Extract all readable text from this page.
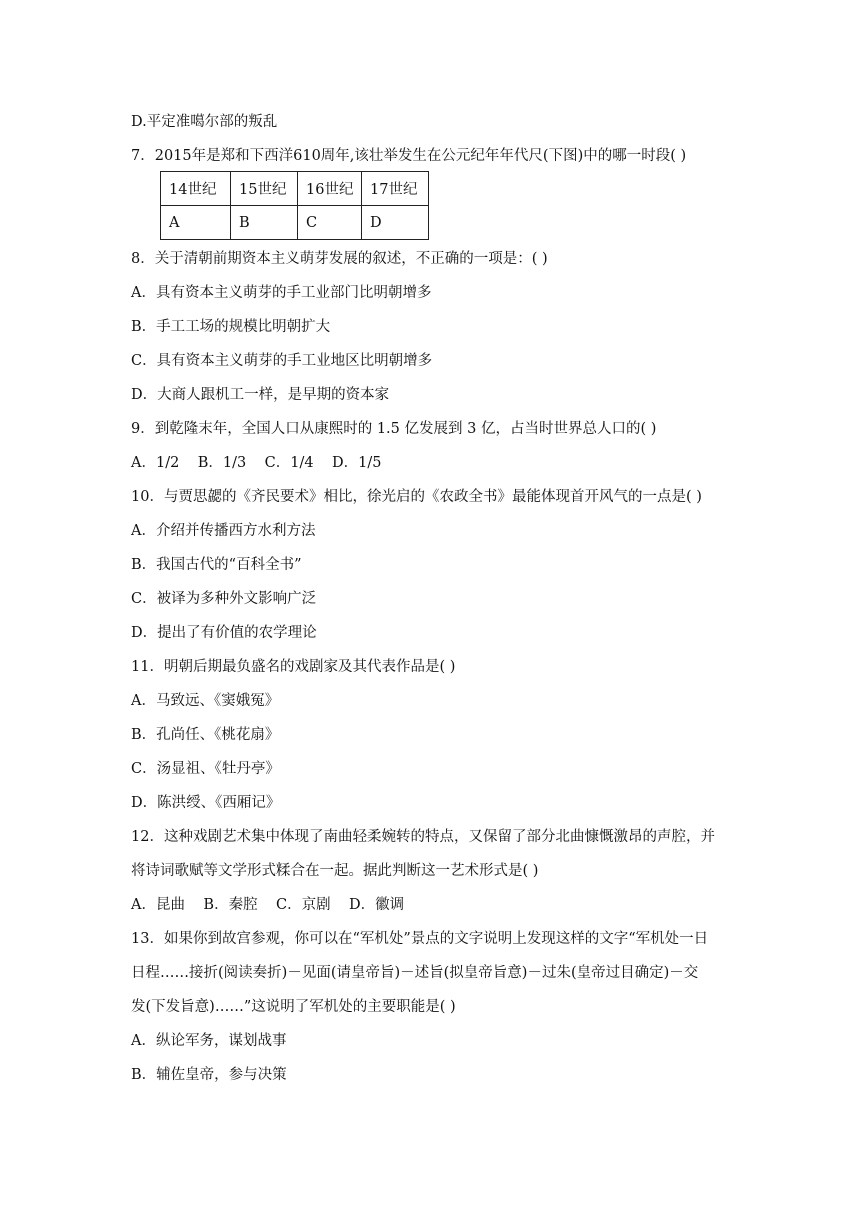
D.平定准噶尔部的叛乱
7．2015年是郑和下西洋610周年,该壮举发生在公元纪年年代尺(下图)中的哪一时段( )
14世纪	15世纪	16世纪	17世纪
A	B	C	D
8．关于清朝前期资本主义萌芽发展的叙述，不正确的一项是：( )
A．具有资本主义萌芽的手工业部门比明朝增多
B．手工工场的规模比明朝扩大
C．具有资本主义萌芽的手工业地区比明朝增多
D．大商人跟机工一样，是早期的资本家
9．到乾隆末年，全国人口从康熙时的 1.5 亿发展到 3 亿，占当时世界总人口的( )
A．1/2    B．1/3    C．1/4    D．1/5
10．与贾思勰的《齐民要术》相比，徐光启的《农政全书》最能体现首开风气的一点是( )
A．介绍并传播西方水利方法
B．我国古代的“百科全书”
C．被译为多种外文影响广泛
D．提出了有价值的农学理论
11．明朝后期最负盛名的戏剧家及其代表作品是( )
A．马致远、《窦娥冤》
B．孔尚任、《桃花扇》
C．汤显祖、《牡丹亭》
D．陈洪绶、《西厢记》
12．这种戏剧艺术集中体现了南曲轻柔婉转的特点，又保留了部分北曲慷慨激昂的声腔，并
将诗词歌赋等文学形式糅合在一起。据此判断这一艺术形式是( )
A．昆曲    B．秦腔    C．京剧    D．徽调
13．如果你到故宫参观，你可以在“军机处”景点的文字说明上发现这样的文字“军机处一日
日程……接折(阅读奏折)－见面(请皇帝旨)－述旨(拟皇帝旨意)－过朱(皇帝过目确定)－交
发(下发旨意)……”这说明了军机处的主要职能是( )
A．纵论军务，谋划战事
B．辅佐皇帝，参与决策
